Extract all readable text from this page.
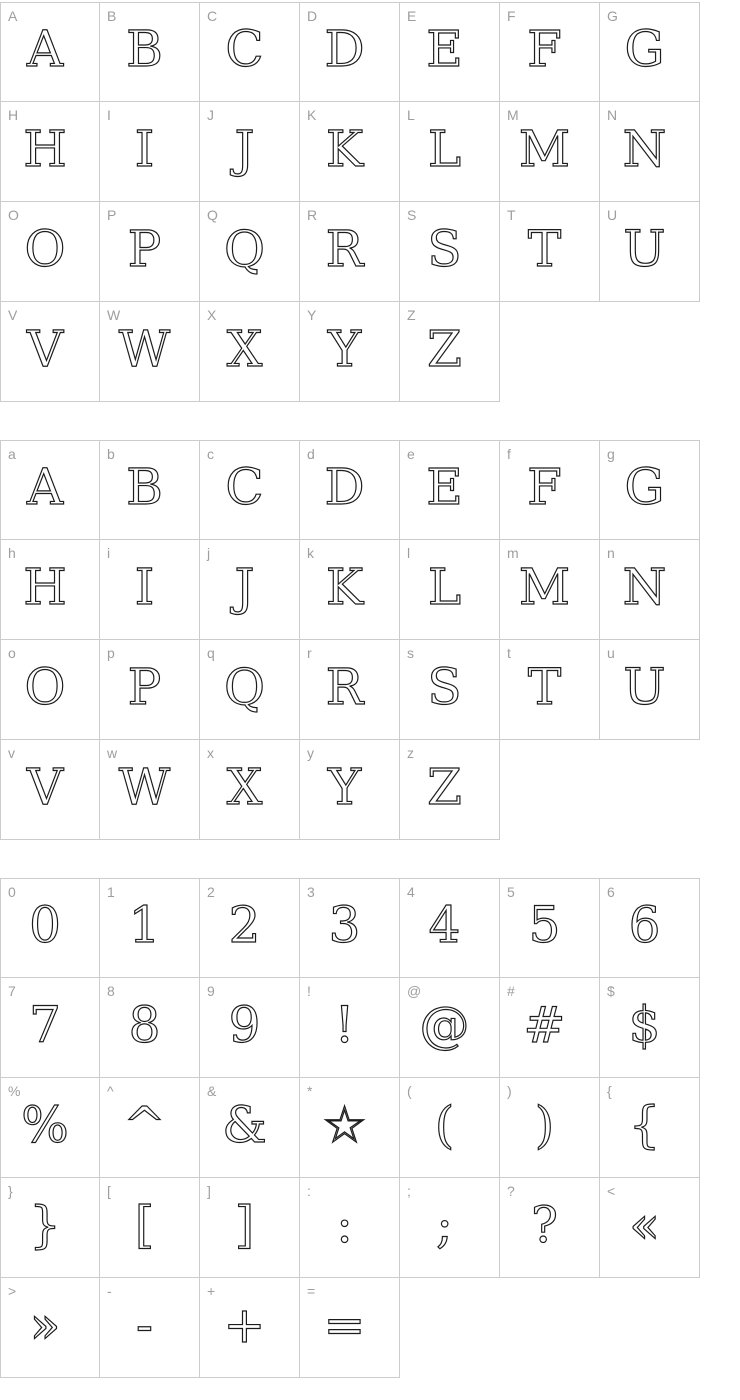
A
A
B
B
C
C
D
D
E
E
F
F
G
G
H
H
I
I
J
J
K
K
L
L
M
M
N
N
O
O
P
P
Q
Q
R
R
S
S
T
T
U
U
V
V
W
W
X
X
Y
Y
Z
Z
a
A
b
B
c
C
d
D
e
E
f
F
g
G
h
H
i
I
j
J
k
K
l
L
m
M
n
N
o
O
p
P
q
Q
r
R
s
S
t
T
u
U
v
V
w
W
x
X
y
Y
z
Z
0
0
1
1
2
2
3
3
4
4
5
5
6
6
7
7
8
8
9
9
!
!
@
@
#
#
$
$
%
%
^
^
&
&
*
☆
(
(
)
)
{
{
}
}
[
[
]
]
:
:
;
;
?
?
<
«
>
»
-
-
+
+
=
=
